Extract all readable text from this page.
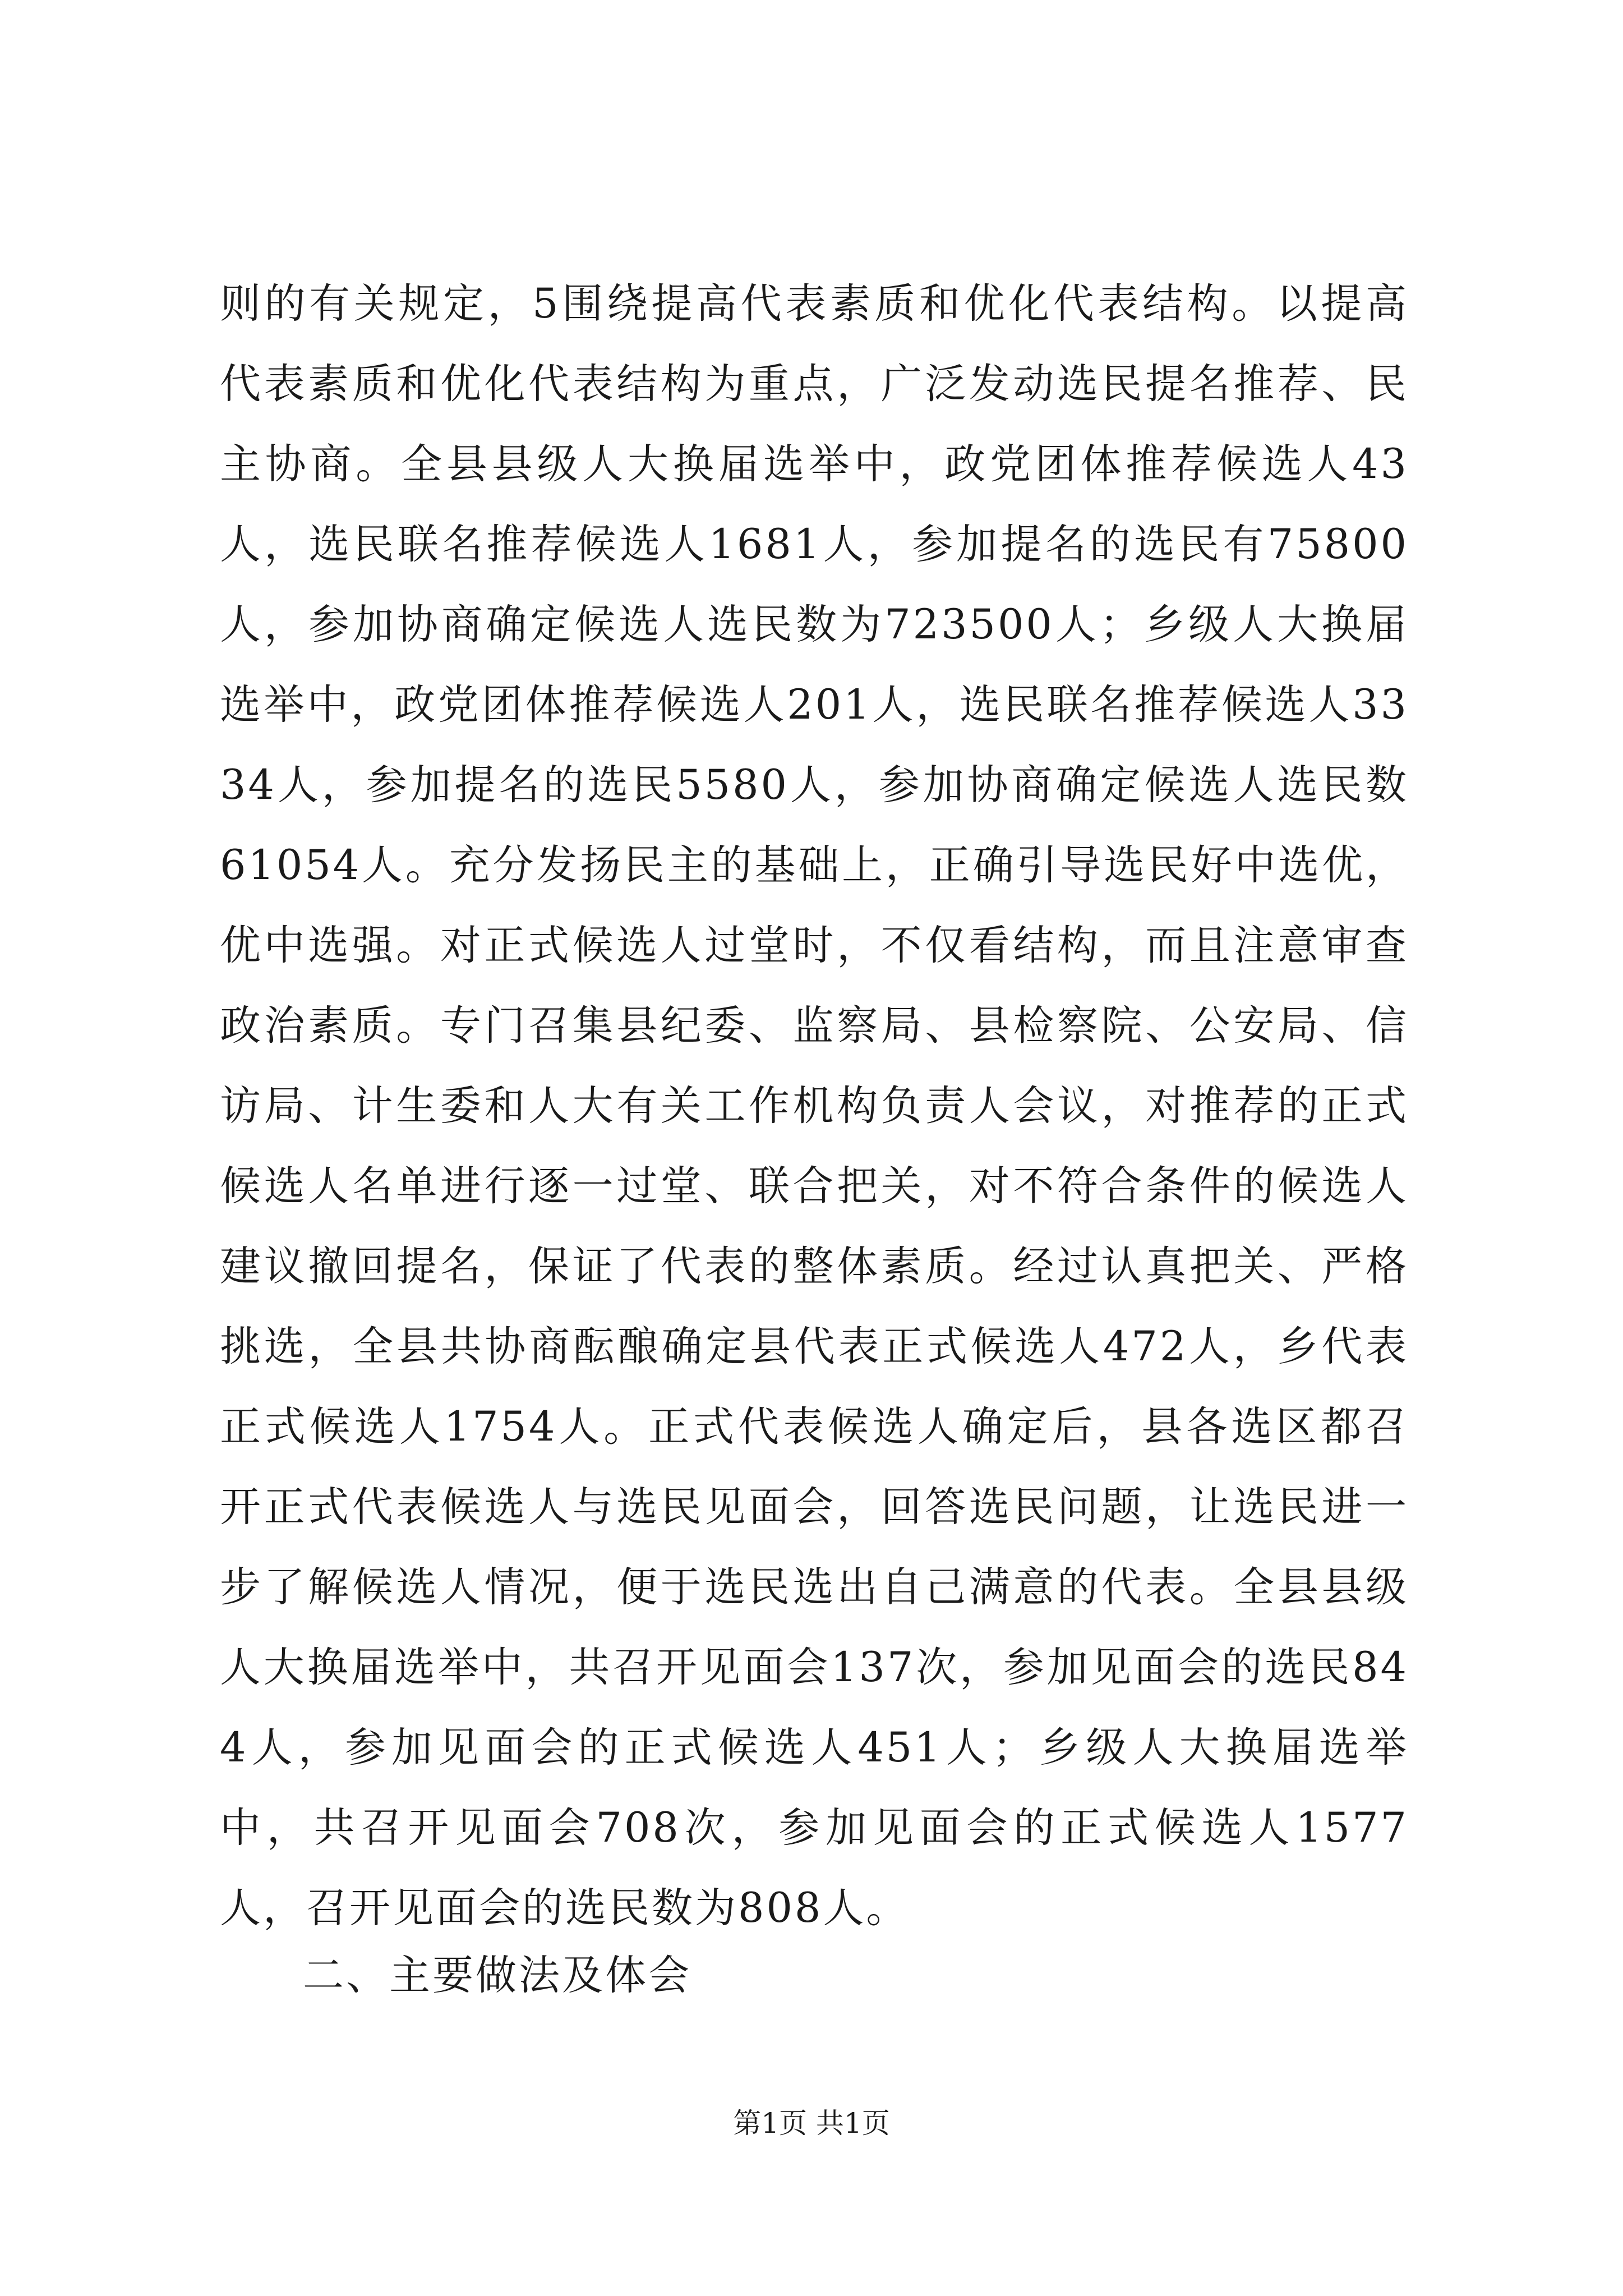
则的有关规定，5围绕提高代表素质和优化代表结构。以提高代表素质和优化代表结构为重点，广泛发动选民提名推荐、民主协商。全县县级人大换届选举中，政党团体推荐候选人43人，选民联名推荐候选人1681人，参加提名的选民有75800人，参加协商确定候选人选民数为723500人；乡级人大换届选举中，政党团体推荐候选人201人，选民联名推荐候选人3334人，参加提名的选民5580人，参加协商确定候选人选民数61054人。充分发扬民主的基础上，正确引导选民好中选优，优中选强。对正式候选人过堂时，不仅看结构，而且注意审查政治素质。专门召集县纪委、监察局、县检察院、公安局、信访局、计生委和人大有关工作机构负责人会议，对推荐的正式候选人名单进行逐一过堂、联合把关，对不符合条件的候选人建议撤回提名，保证了代表的整体素质。经过认真把关、严格挑选，全县共协商酝酿确定县代表正式候选人472人，乡代表正式候选人1754人。正式代表候选人确定后，县各选区都召开正式代表候选人与选民见面会，回答选民问题，让选民进一步了解候选人情况，便于选民选出自己满意的代表。全县县级人大换届选举中，共召开见面会137次，参加见面会的选民844人，参加见面会的正式候选人451人；乡级人大换届选举中，共召开见面会708次，参加见面会的正式候选人1577人，召开见面会的选民数为808人。

二、主要做法及体会

第1页 共1页
